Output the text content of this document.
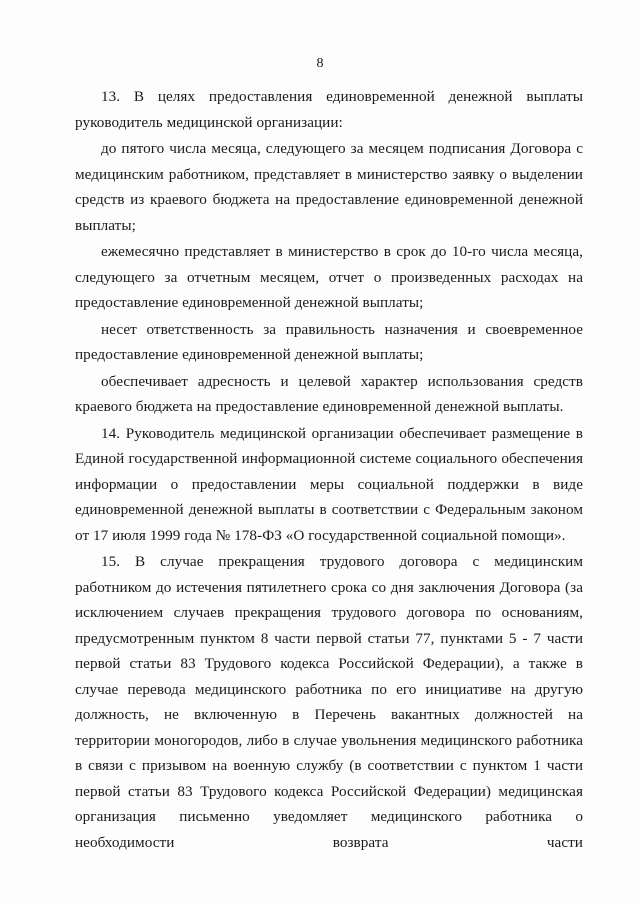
8

13. В целях предоставления единовременной денежной выплаты руководитель медицинской организации:

до пятого числа месяца, следующего за месяцем подписания Договора с медицинским работником, представляет в министерство заявку о выделении средств из краевого бюджета на предоставление единовременной денежной выплаты;

ежемесячно представляет в министерство в срок до 10-го числа месяца, следующего за отчетным месяцем, отчет о произведенных расходах на предоставление единовременной денежной выплаты;

несет ответственность за правильность назначения и своевременное предоставление единовременной денежной выплаты;

обеспечивает адресность и целевой характер использования средств краевого бюджета на предоставление единовременной денежной выплаты.

14. Руководитель медицинской организации обеспечивает размещение в Единой государственной информационной системе социального обеспечения информации о предоставлении меры социальной поддержки в виде единовременной денежной выплаты в соответствии с Федеральным законом от 17 июля 1999 года № 178-ФЗ «О государственной социальной помощи».

15. В случае прекращения трудового договора с медицинским работником до истечения пятилетнего срока со дня заключения Договора (за исключением случаев прекращения трудового договора по основаниям, предусмотренным пунктом 8 части первой статьи 77, пунктами 5 - 7 части первой статьи 83 Трудового кодекса Российской Федерации), а также в случае перевода медицинского работника по его инициативе на другую должность, не включенную в Перечень вакантных должностей на территории моногородов, либо в случае увольнения медицинского работника в связи с призывом на военную службу (в соответствии с пунктом 1 части первой статьи 83 Трудового кодекса Российской Федерации) медицинская организация письменно уведомляет медицинского работника о необходимости возврата части
